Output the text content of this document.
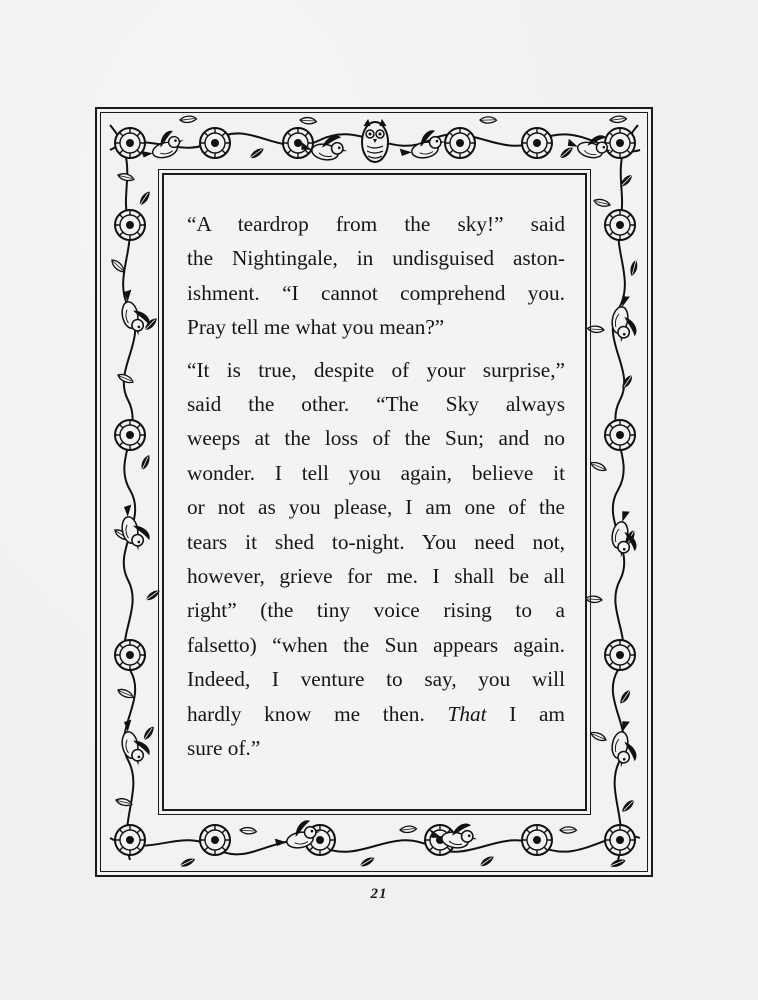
“A teardrop from the sky!” said
the Nightingale, in undisguised aston-
ishment. “I cannot comprehend you.
Pray tell me what you mean?”

“It is true, despite of your surprise,”
said the other. “The Sky always
weeps at the loss of the Sun; and no
wonder. I tell you again, believe it
or not as you please, I am one of the
tears it shed to-night. You need not,
however, grieve for me. I shall be all
right” (the tiny voice rising to a
falsetto) “when the Sun appears again.
Indeed, I venture to say, you will
hardly know me then. That I am
sure of.”

21
